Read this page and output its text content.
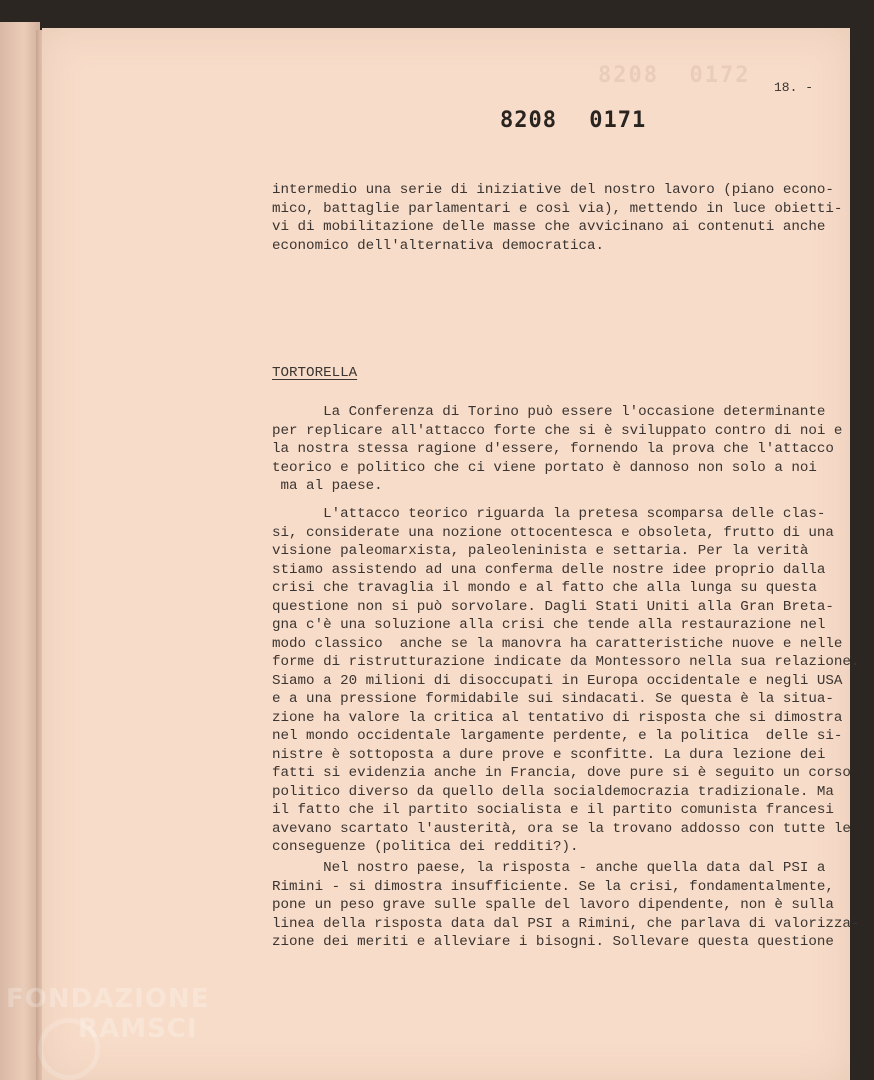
8208 0172 18. -
8208 0171
intermedio una serie di iniziative del nostro lavoro (piano econo-
mico, battaglie parlamentari e così via), mettendo in luce obietti-
vi di mobilitazione delle masse che avvicinano ai contenuti anche
economico dell'alternativa democratica.
TORTORELLA
La Conferenza di Torino può essere l'occasione determinante
per replicare all'attacco forte che si è sviluppato contro di noi e
la nostra stessa ragione d'essere, fornendo la prova che l'attacco
teorico e politico che ci viene portato è dannoso non solo a noi
ma al paese.
L'attacco teorico riguarda la pretesa scomparsa delle clas-
si, considerate una nozione ottocentesca e obsoleta, frutto di una
visione paleomarxista, paleoleninista e settaria. Per la verità
stiamo assistendo ad una conferma delle nostre idee proprio dalla
crisi che travaglia il mondo e al fatto che alla lunga su questa
questione non si può sorvolare. Dagli Stati Uniti alla Gran Breta-
gna c'è una soluzione alla crisi che tende alla restaurazione nel
modo classico  anche se la manovra ha caratteristiche nuove e nelle
forme di ristrutturazione indicate da Montessoro nella sua relazione.
Siamo a 20 milioni di disoccupati in Europa occidentale e negli USA
e a una pressione formidabile sui sindacati. Se questa è la situa-
zione ha valore la critica al tentativo di risposta che si dimostra
nel mondo occidentale largamente perdente, e la politica  delle si-
nistre è sottoposta a dure prove e sconfitte. La dura lezione dei
fatti si evidenzia anche in Francia, dove pure si è seguito un corso
politico diverso da quello della socialdemocrazia tradizionale. Ma
il fatto che il partito socialista e il partito comunista francesi
avevano scartato l'austerità, ora se la trovano addosso con tutte le
conseguenze (politica dei redditi?).
Nel nostro paese, la risposta - anche quella data dal PSI a
Rimini - si dimostra insufficiente. Se la crisi, fondamentalmente,
pone un peso grave sulle spalle del lavoro dipendente, non è sulla
linea della risposta data dal PSI a Rimini, che parlava di valorizza-
zione dei meriti e alleviare i bisogni. Sollevare questa questione
FONDAZIONE
RAMSCI
